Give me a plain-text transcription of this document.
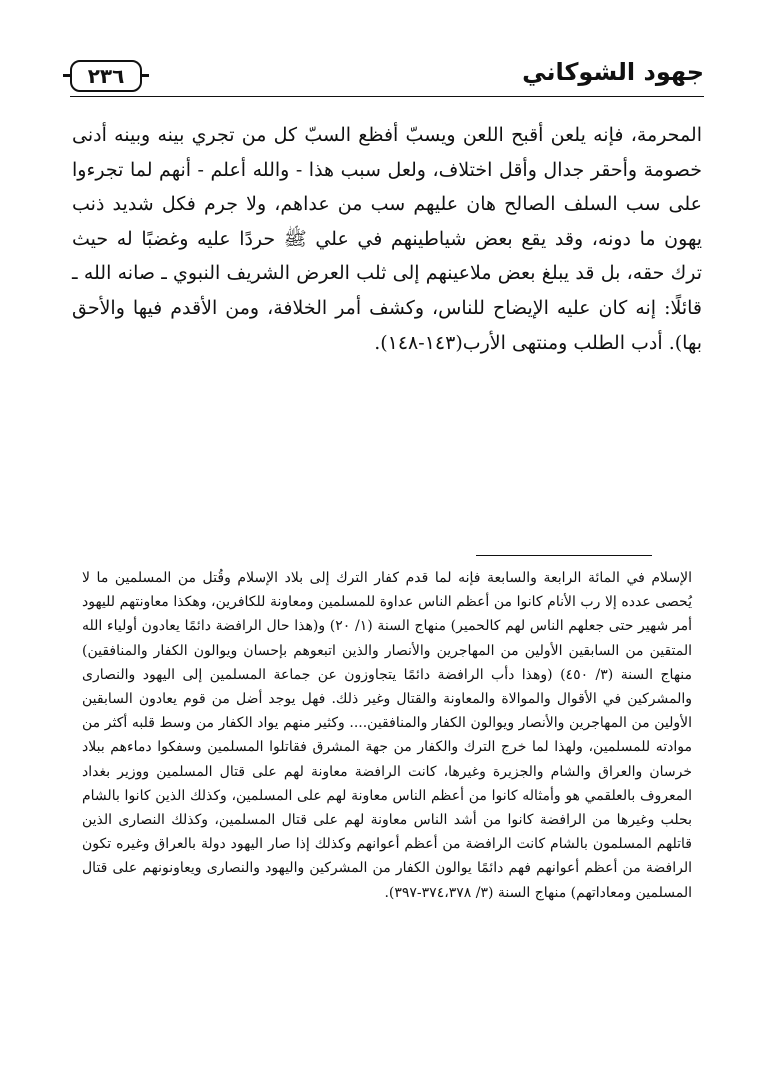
٢٣٦	جهود الشوكاني

المحرمة، فإنه يلعن أقبح اللعن ويسبّ أفظع السبّ كل من تجري بينه وبينه أدنى خصومة وأحقر جدال وأقل اختلاف، ولعل سبب هذا - والله أعلم - أنهم لما تجرءوا على سب السلف الصالح هان عليهم سب من عداهم، ولا جرم فكل شديد ذنب يهون ما دونه، وقد يقع بعض شياطينهم في علي ﷺ حردًا عليه وغضبًا له حيث ترك حقه، بل قد يبلغ بعض ملاعينهم إلى ثلب العرض الشريف النبوي ـ صانه الله ـ قائلًا: إنه كان عليه الإيضاح للناس، وكشف أمر الخلافة، ومن الأقدم فيها والأحق بها). أدب الطلب ومنتهى الأرب(١٤٣-١٤٨).

الإسلام في المائة الرابعة والسابعة فإنه لما قدم كفار الترك إلى بلاد الإسلام وقُتل من المسلمين ما لا يُحصى عدده إلا رب الأنام كانوا من أعظم الناس عداوة للمسلمين ومعاونة للكافرين، وهكذا معاونتهم لليهود أمر شهير حتى جعلهم الناس لهم كالحمير) منهاج السنة (١/ ٢٠) و(هذا حال الرافضة دائمًا يعادون أولياء الله المتقين من السابقين الأولين من المهاجرين والأنصار والذين اتبعوهم بإحسان ويوالون الكفار والمنافقين) منهاج السنة (٣/ ٤٥٠) (وهذا دأب الرافضة دائمًا يتجاوزون عن جماعة المسلمين إلى اليهود والنصارى والمشركين في الأقوال والموالاة والمعاونة والقتال وغير ذلك. فهل يوجد أضل من قوم يعادون السابقين الأولين من المهاجرين والأنصار ويوالون الكفار والمنافقين.... وكثير منهم يواد الكفار من وسط قلبه أكثر من موادته للمسلمين، ولهذا لما خرج الترك والكفار من جهة المشرق فقاتلوا المسلمين وسفكوا دماءهم ببلاد خرسان والعراق والشام والجزيرة وغيرها، كانت الرافضة معاونة لهم على قتال المسلمين ووزير بغداد المعروف بالعلقمي هو وأمثاله كانوا من أعظم الناس معاونة لهم على المسلمين، وكذلك الذين كانوا بالشام بحلب وغيرها من الرافضة كانوا من أشد الناس معاونة لهم على قتال المسلمين، وكذلك النصارى الذين قاتلهم المسلمون بالشام كانت الرافضة من أعظم أعوانهم وكذلك إذا صار اليهود دولة بالعراق وغيره تكون الرافضة من أعظم أعوانهم فهم دائمًا يوالون الكفار من المشركين واليهود والنصارى ويعاونونهم على قتال المسلمين ومعاداتهم) منهاج السنة (٣/ ٣٧٤،٣٧٨-٣٩٧).
